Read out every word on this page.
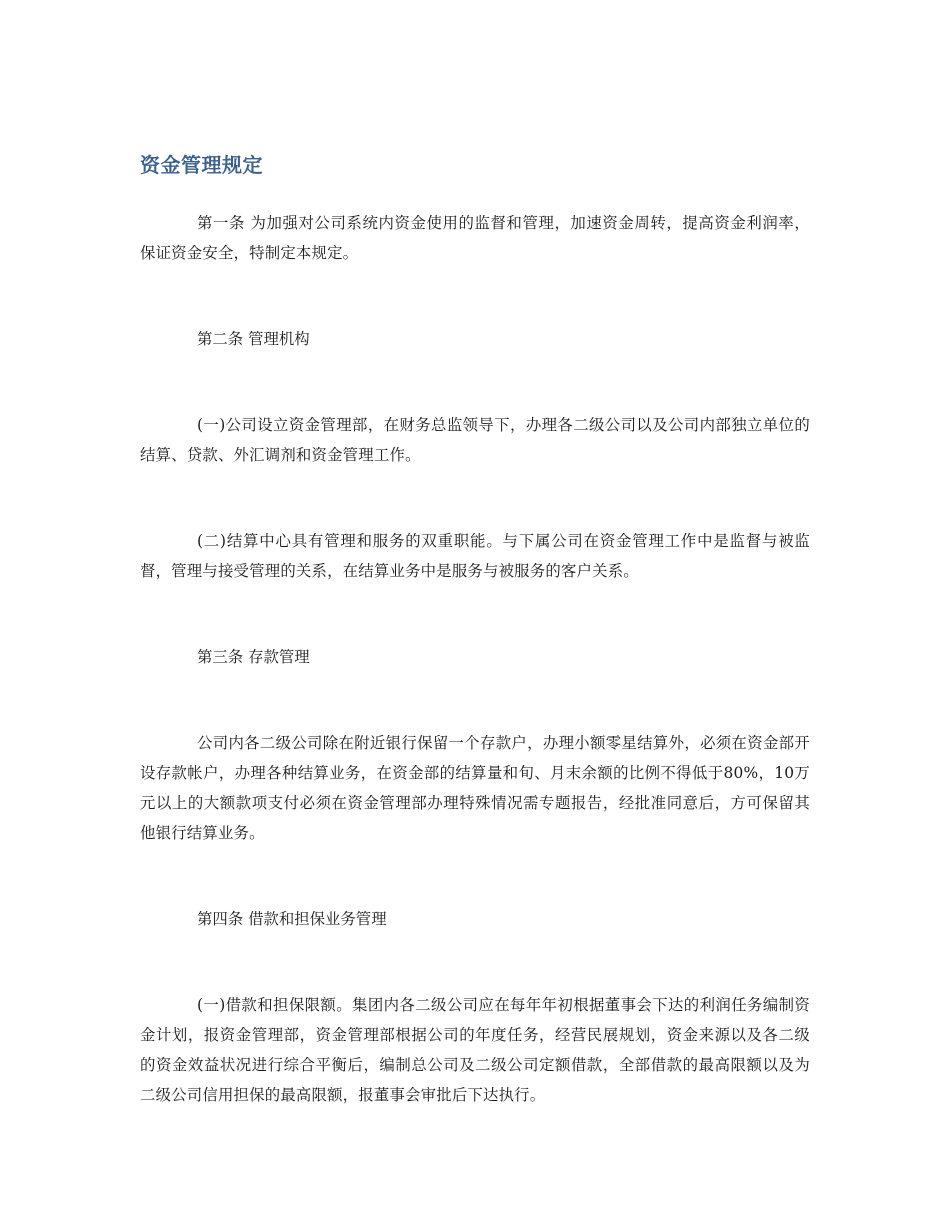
资金管理规定

第一条 为加强对公司系统内资金使用的监督和管理，加速资金周转，提高资金利润率，保证资金安全，特制定本规定。

第二条 管理机构

(一)公司设立资金管理部，在财务总监领导下，办理各二级公司以及公司内部独立单位的结算、贷款、外汇调剂和资金管理工作。

(二)结算中心具有管理和服务的双重职能。与下属公司在资金管理工作中是监督与被监督，管理与接受管理的关系，在结算业务中是服务与被服务的客户关系。

第三条 存款管理

公司内各二级公司除在附近银行保留一个存款户，办理小额零星结算外，必须在资金部开设存款帐户，办理各种结算业务，在资金部的结算量和旬、月末余额的比例不得低于80%，10万元以上的大额款项支付必须在资金管理部办理特殊情况需专题报告，经批准同意后，方可保留其他银行结算业务。

第四条 借款和担保业务管理

(一)借款和担保限额。集团内各二级公司应在每年年初根据董事会下达的利润任务编制资金计划，报资金管理部，资金管理部根据公司的年度任务，经营民展规划，资金来源以及各二级的资金效益状况进行综合平衡后，编制总公司及二级公司定额借款，全部借款的最高限额以及为二级公司信用担保的最高限额，报董事会审批后下达执行。
